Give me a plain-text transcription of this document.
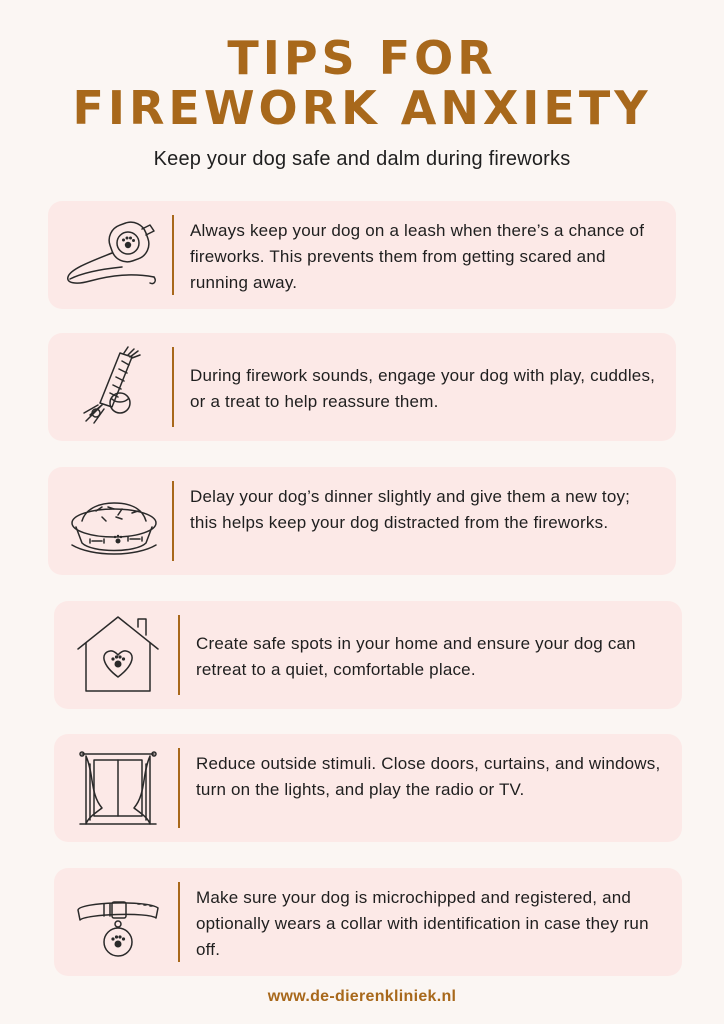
TIPS FOR
FIREWORK ANXIETY
Keep your dog safe and dalm during fireworks
Always keep your dog on a leash when there’s a chance of fireworks. This prevents them from getting scared and running away.
During firework sounds, engage your dog with play, cuddles, or a treat to help reassure them.
Delay your dog’s dinner slightly and give them a new toy; this helps keep your dog distracted from the fireworks.
Create safe spots in your home and ensure your dog can retreat to a quiet, comfortable place.
Reduce outside stimuli. Close doors, curtains, and windows, turn on the lights, and play the radio or TV.
Make sure your dog is microchipped and registered, and optionally wears a collar with identification in case they run off.
www.de-dierenkliniek.nl
